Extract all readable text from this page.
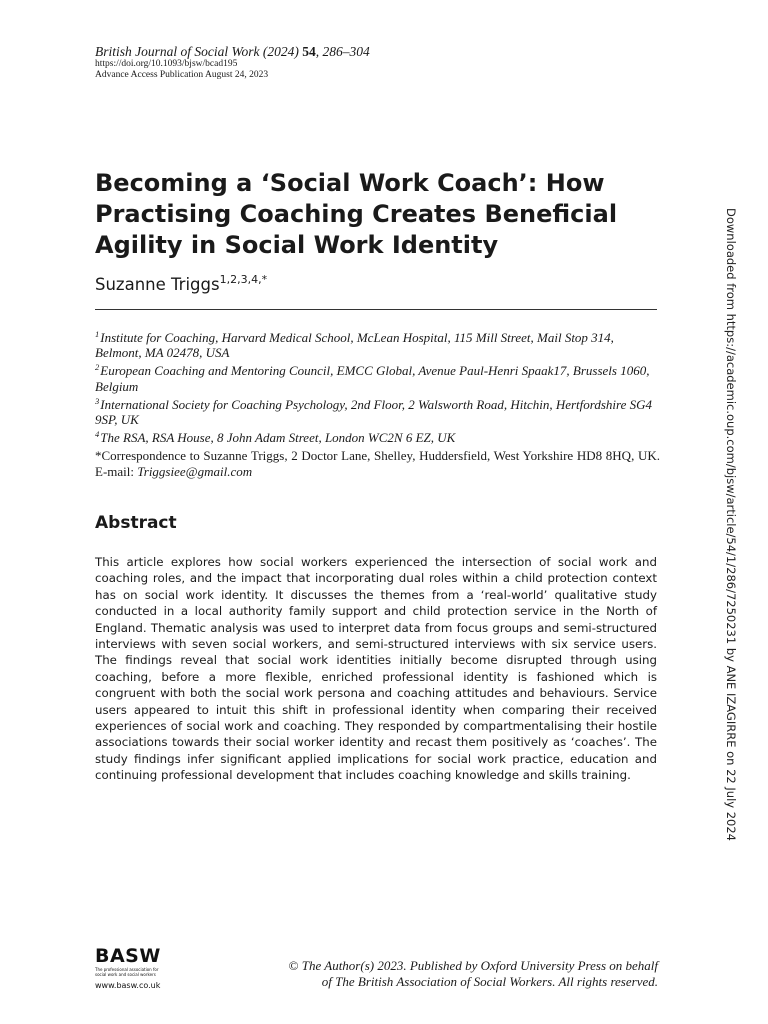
British Journal of Social Work (2024) 54, 286–304
https://doi.org/10.1093/bjsw/bcad195
Advance Access Publication August 24, 2023
Becoming a ‘Social Work Coach’: How Practising Coaching Creates Beneficial Agility in Social Work Identity
Suzanne Triggs$^{1,2,3,4,*}$

$^1$Institute for Coaching, Harvard Medical School, McLean Hospital, 115 Mill Street, Mail Stop 314, Belmont, MA 02478, USA

$^2$European Coaching and Mentoring Council, EMCC Global, Avenue Paul-Henri Spaak17, Brussels 1060, Belgium

$^3$International Society for Coaching Psychology, 2nd Floor, 2 Walsworth Road, Hitchin, Hertfordshire SG4 9SP, UK

$^4$The RSA, RSA House, 8 John Adam Street, London WC2N 6 EZ, UK

*Correspondence to Suzanne Triggs, 2 Doctor Lane, Shelley, Huddersfield, West Yorkshire HD8 8HQ, UK. E-mail: Triggsiee@gmail.com

Abstract

This article explores how social workers experienced the intersection of social work and coaching roles, and the impact that incorporating dual roles within a child protection context has on social work identity. It discusses the themes from a ‘real-world’ qualitative study conducted in a local authority family support and child protection service in the North of England. Thematic analysis was used to interpret data from focus groups and semi-structured interviews with seven social workers, and semi-structured interviews with six service users. The findings reveal that social work identities initially become disrupted through using coaching, before a more flexible, enriched professional identity is fashioned which is congruent with both the social work persona and coaching attitudes and behaviours. Service users appeared to intuit this shift in professional identity when comparing their received experiences of social work and coaching. They responded by compartmentalising their hostile associations towards their social worker identity and recast them positively as ‘coaches’. The study findings infer significant applied implications for social work practice, education and continuing professional development that includes coaching knowledge and skills training.	Downloaded from https://academic.oup.com/bjsw/article/54/1/286/7250231 by ANE IZAGIRRE on 22 July 2024
BASW
The professional association for social work and social workers
www.basw.co.uk
© The Author(s) 2023. Published by Oxford University Press on behalf
of The British Association of Social Workers. All rights reserved.
